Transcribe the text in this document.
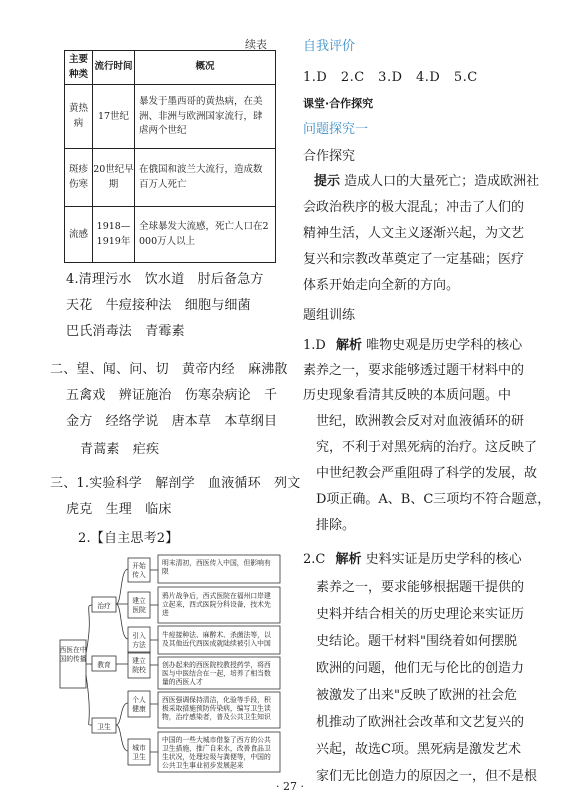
续表
主要种类	流行时间	概况
黄热病	17世纪	暴发于墨西哥的黄热病，在美洲、非洲与欧洲国家流行，肆虐两个世纪
斑疹伤寒	20世纪早期	在俄国和波兰大流行，造成数百万人死亡
流感	1918—1919年	全球暴发大流感，死亡人口在2 000万人以上
4.清理污水　饮水道　肘后备急方
天花　牛痘接种法　细胞与细菌
巴氏消毒法　青霉素
二、望、闻、问、切　黄帝内经　麻沸散
五禽戏　辨证施治　伤寒杂病论　千
金方　经络学说　唐本草　本草纲目
青蒿素　疟疾
三、1.实验科学　解剖学　血液循环　列文
虎克　生理　临床
2.【自主思考2】
西医在中国的传播
治疗
教育
卫生
开始传入
明末清初，西医传入中国，但影响有限
建立医院
鸦片战争后，西式医院在福州口岸建立起来，西式医院分科设备，技术先进
引入方法
牛痘接种法、麻醉术、杀菌法等，以及其他近代西医成就陆续被引入中国
建立院校
创办起来的西医院校教授药学，将西医与中医结合在一起，培养了相当数量的西医人才
个人健康
西医强调保持清洁，化验等手段，积极采取措施预防传染病，编写卫生读物，治疗感染者，普及公共卫生知识
城市卫生
中国的一些大城市借鉴了西方的公共卫生措施，推广自来水，改善食品卫生状况，处理垃圾与粪便等，中国的公共卫生事业初步发展起来
自我评价
1.D　2.C　3.D　4.D　5.C
课堂·合作探究
问题探究一
合作探究
提示 造成人口的大量死亡；造成欧洲社
会政治秩序的极大混乱；冲击了人们的
精神生活，人文主义逐渐兴起，为文艺
复兴和宗教改革奠定了一定基础；医疗
体系开始走向全新的方向。
题组训练
1.D 解析 唯物史观是历史学科的核心
素养之一，要求能够透过题干材料中的
历史现象看清其反映的本质问题。中
世纪，欧洲教会反对对血液循环的研
究，不利于对黑死病的治疗。这反映了
中世纪教会严重阻碍了科学的发展，故
D项正确。A、B、C三项均不符合题意，
排除。
2.C 解析 史料实证是历史学科的核心
素养之一，要求能够根据题干提供的
史料并结合相关的历史理论来实证历
史结论。题干材料"围绕着如何摆脱
欧洲的问题，他们无与伦比的创造力
被激发了出来"反映了欧洲的社会危
机推动了欧洲社会改革和文艺复兴的
兴起，故选C项。黑死病是激发艺术
家们无比创造力的原因之一，但不是根
· 27 ·
